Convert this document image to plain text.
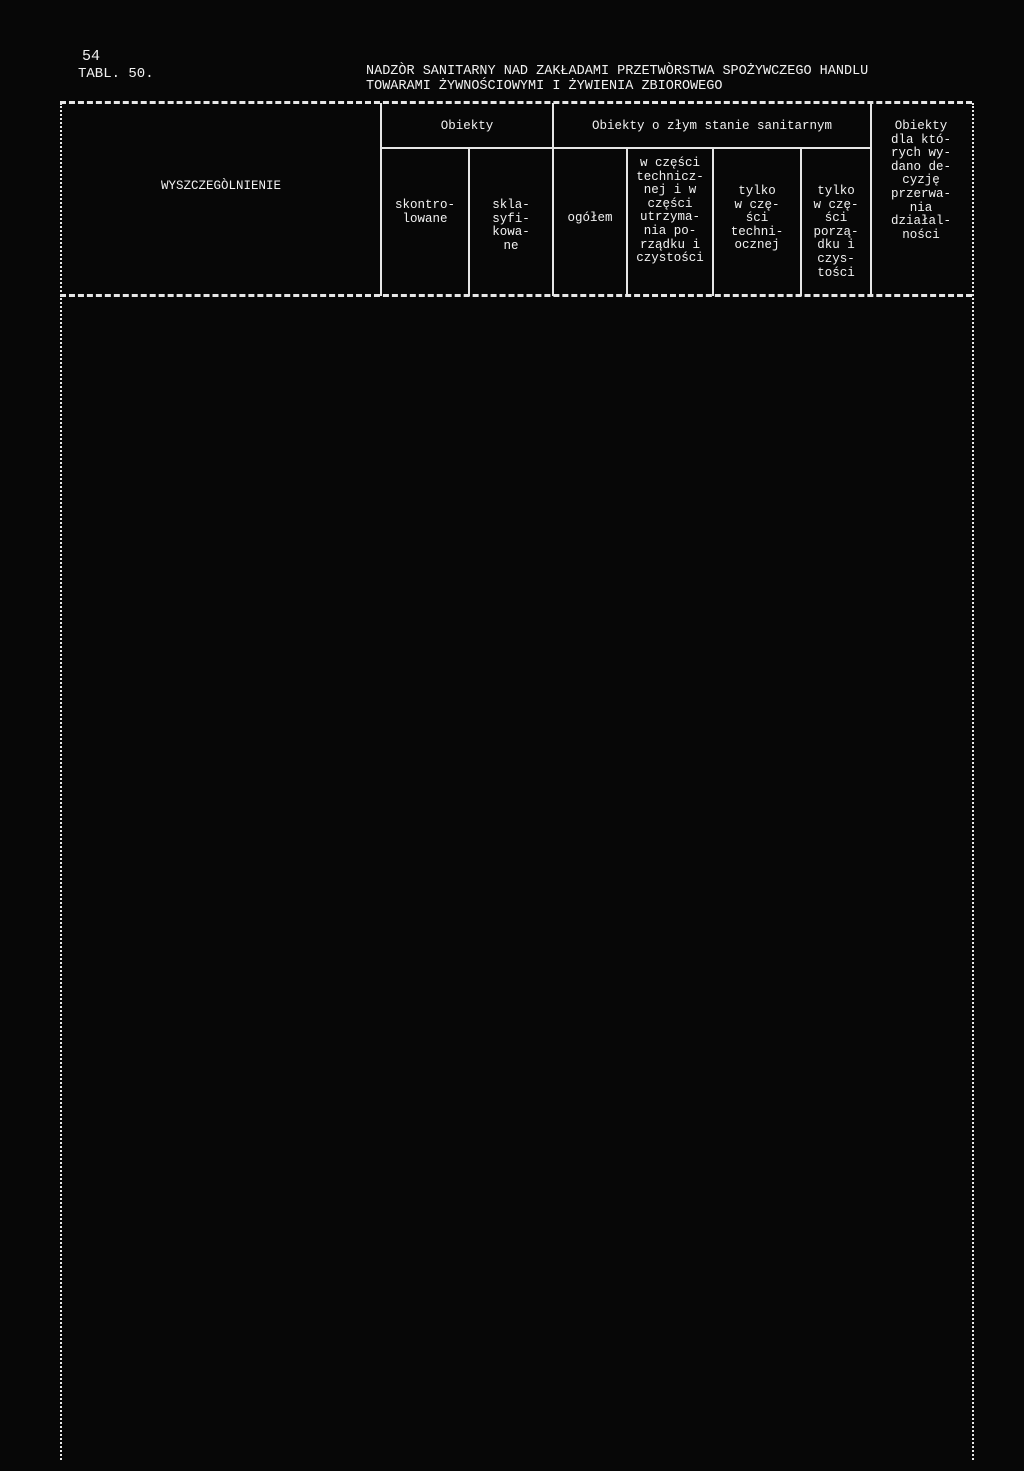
54
TABL. 50.	NADZÒR SANITARNY NAD ZAKŁADAMI PRZETWÒRSTWA SPOŻYWCZEGO HANDLU
TOWARAMI ŻYWNOŚCIOWYMI I ŻYWIENIA ZBIOROWEGO
WYSZCZEGÒLNIENIE
Obiekty
skontro-
lowane
skla-
syfi-
kowa-
ne
Obiekty o złym stanie sanitarnym
ogółem
w części
technicz-
nej i w
części
utrzyma-
nia po-
rządku i
czystości
tylko
w czę-
ści
techni-
ocznej
tylko
w czę-
ści
porzą-
dku i
czys-
tości
Obiekty
dla któ-
rych wy-
dano de-
cyzję
przerwa-
nia
działal-
ności
